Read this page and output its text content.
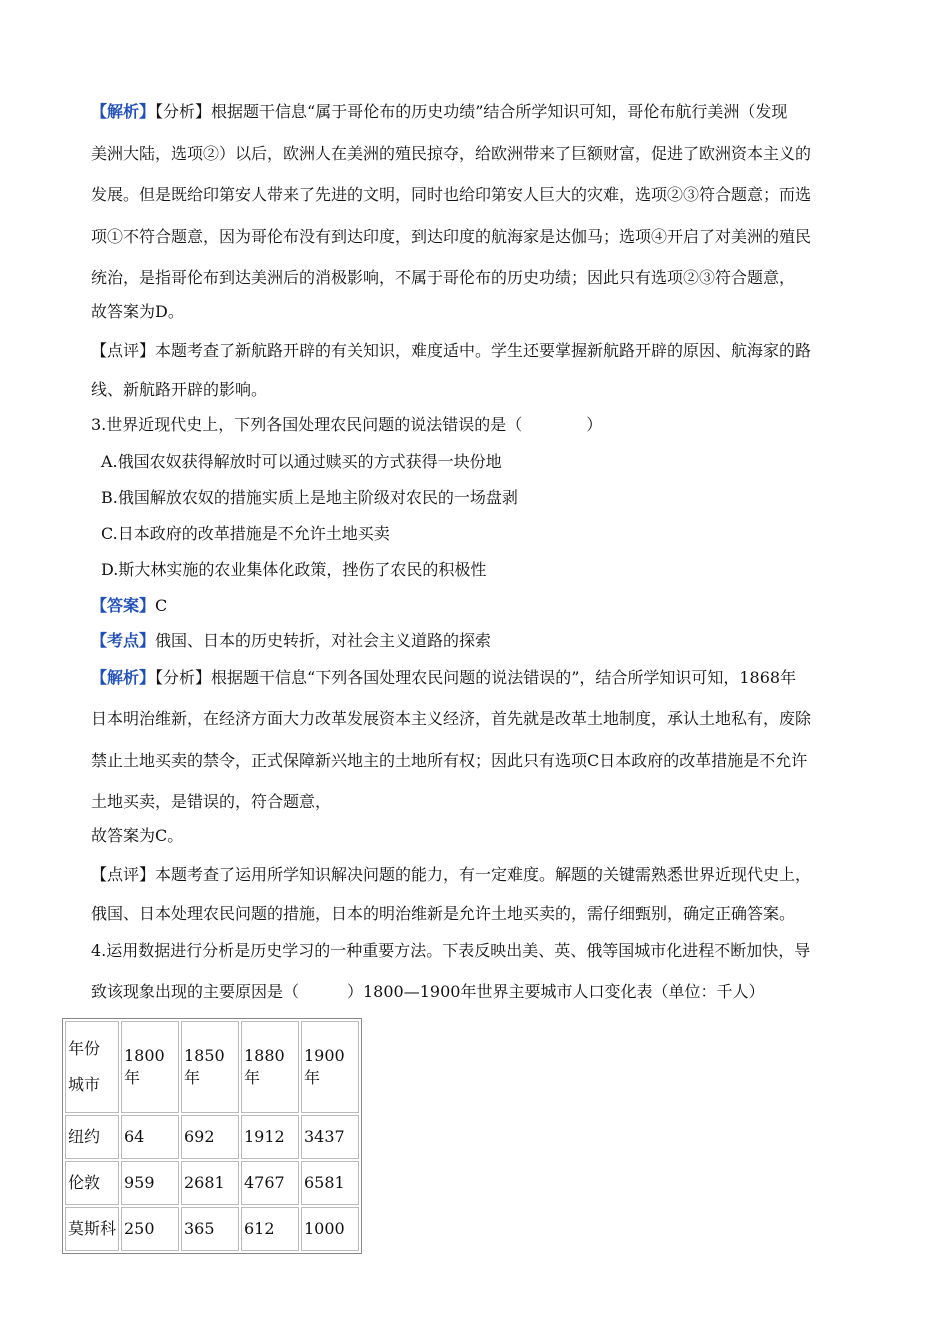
【解析】【分析】根据题干信息“属于哥伦布的历史功绩”结合所学知识可知，哥伦布航行美洲（发现
美洲大陆，选项②）以后，欧洲人在美洲的殖民掠夺，给欧洲带来了巨额财富，促进了欧洲资本主义的
发展。但是既给印第安人带来了先进的文明，同时也给印第安人巨大的灾难，选项②③符合题意；而选
项①不符合题意，因为哥伦布没有到达印度，到达印度的航海家是达伽马；选项④开启了对美洲的殖民
统治，是指哥伦布到达美洲后的消极影响，不属于哥伦布的历史功绩；因此只有选项②③符合题意，
故答案为D。
【点评】本题考查了新航路开辟的有关知识，难度适中。学生还要掌握新航路开辟的原因、航海家的路
线、新航路开辟的影响。
3.世界近现代史上，下列各国处理农民问题的说法错误的是（　　　　）
A.俄国农奴获得解放时可以通过赎买的方式获得一块份地
B.俄国解放农奴的措施实质上是地主阶级对农民的一场盘剥
C.日本政府的改革措施是不允许土地买卖
D.斯大林实施的农业集体化政策，挫伤了农民的积极性
【答案】C
【考点】俄国、日本的历史转折，对社会主义道路的探索
【解析】【分析】根据题干信息“下列各国处理农民问题的说法错误的”，结合所学知识可知，1868年
日本明治维新，在经济方面大力改革发展资本主义经济，首先就是改革土地制度，承认土地私有，废除
禁止土地买卖的禁令，正式保障新兴地主的土地所有权；因此只有选项C日本政府的改革措施是不允许
土地买卖，是错误的，符合题意，
故答案为C。
【点评】本题考查了运用所学知识解决问题的能力，有一定难度。解题的关键需熟悉世界近现代史上，
俄国、日本处理农民问题的措施，日本的明治维新是允许土地买卖的，需仔细甄别，确定正确答案。
4.运用数据进行分析是历史学习的一种重要方法。下表反映出美、英、俄等国城市化进程不断加快，导
致该现象出现的主要原因是（　　　）1800—1900年世界主要城市人口变化表（单位：千人）
年份
城市	1800年	1850年	1880年	1900年
纽约	64	692	1912	3437
伦敦	959	2681	4767	6581
莫斯科	250	365	612	1000
